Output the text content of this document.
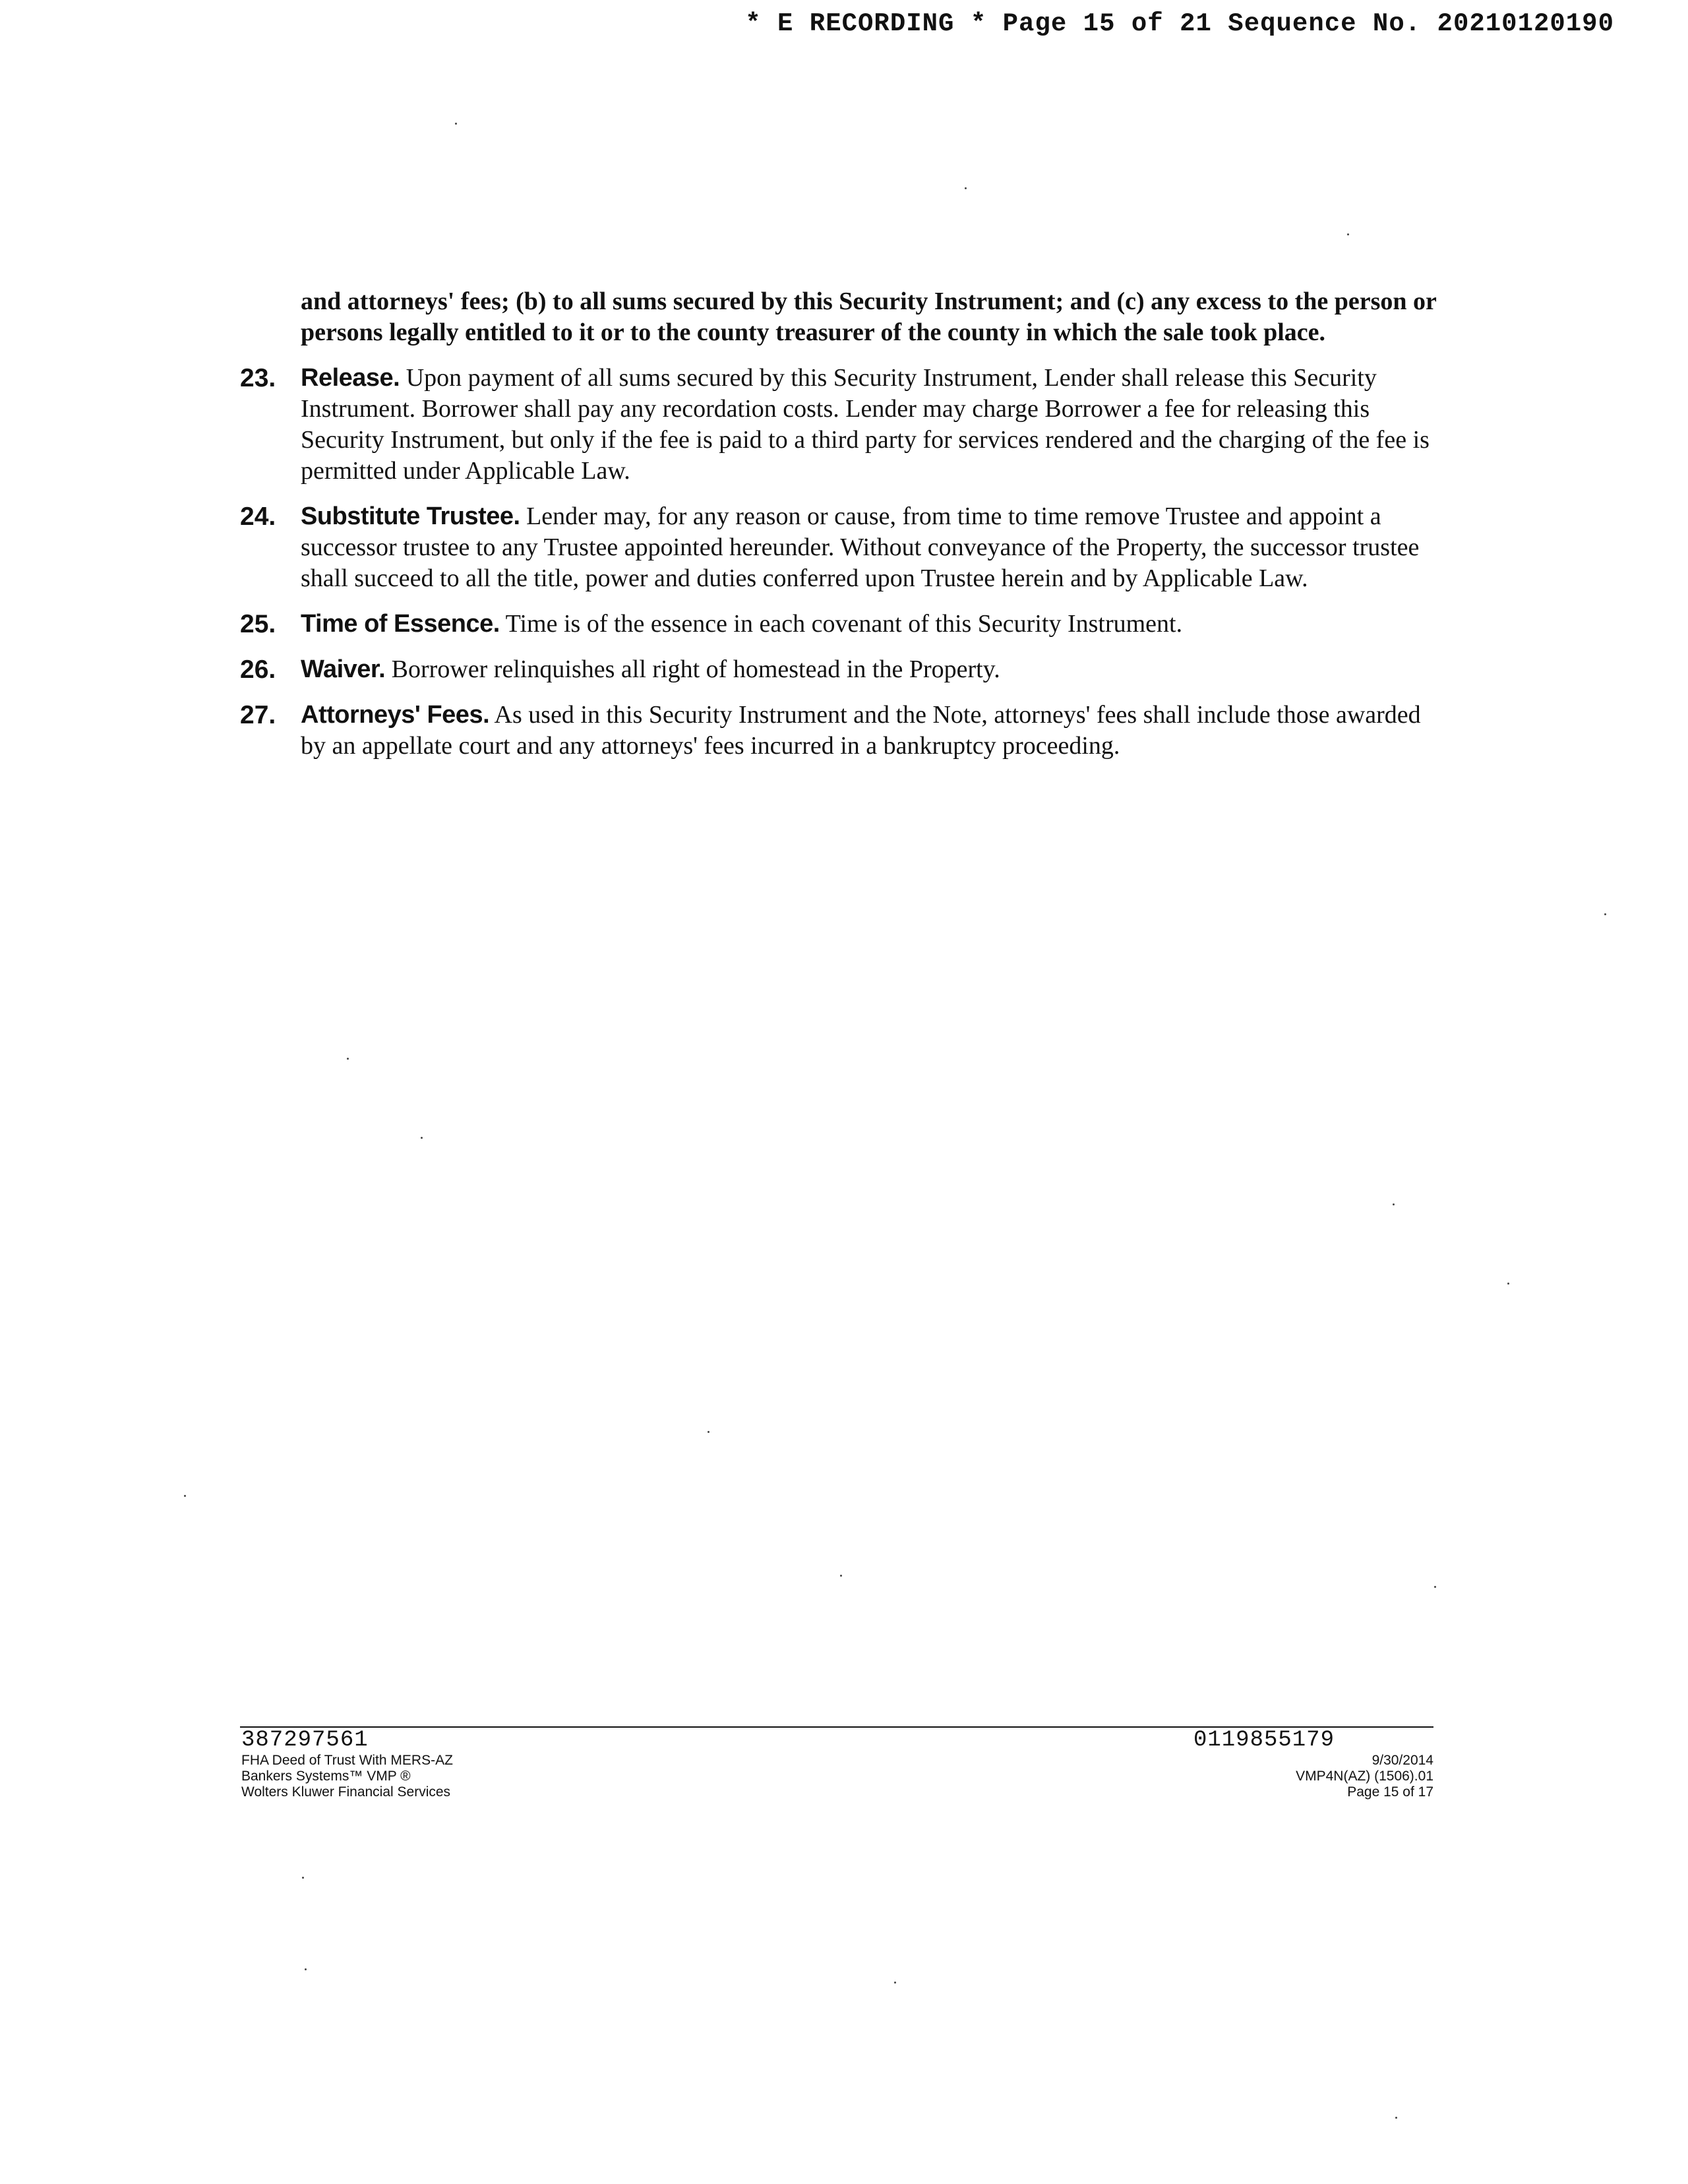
* E RECORDING * Page 15 of 21 Sequence No. 20210120190
and attorneys' fees; (b) to all sums secured by this Security Instrument; and (c) any excess to the person or persons legally entitled to it or to the county treasurer of the county in which the sale took place.
23. Release. Upon payment of all sums secured by this Security Instrument, Lender shall release this Security Instrument. Borrower shall pay any recordation costs. Lender may charge Borrower a fee for releasing this Security Instrument, but only if the fee is paid to a third party for services rendered and the charging of the fee is permitted under Applicable Law.
24. Substitute Trustee. Lender may, for any reason or cause, from time to time remove Trustee and appoint a successor trustee to any Trustee appointed hereunder. Without conveyance of the Property, the successor trustee shall succeed to all the title, power and duties conferred upon Trustee herein and by Applicable Law.
25. Time of Essence. Time is of the essence in each covenant of this Security Instrument.
26. Waiver. Borrower relinquishes all right of homestead in the Property.
27. Attorneys' Fees. As used in this Security Instrument and the Note, attorneys' fees shall include those awarded by an appellate court and any attorneys' fees incurred in a bankruptcy proceeding.
387297561
FHA Deed of Trust With MERS-AZ
Bankers Systems™ VMP ®
Wolters Kluwer Financial Services
0119855179
9/30/2014
VMP4N(AZ) (1506).01
Page 15 of 17
